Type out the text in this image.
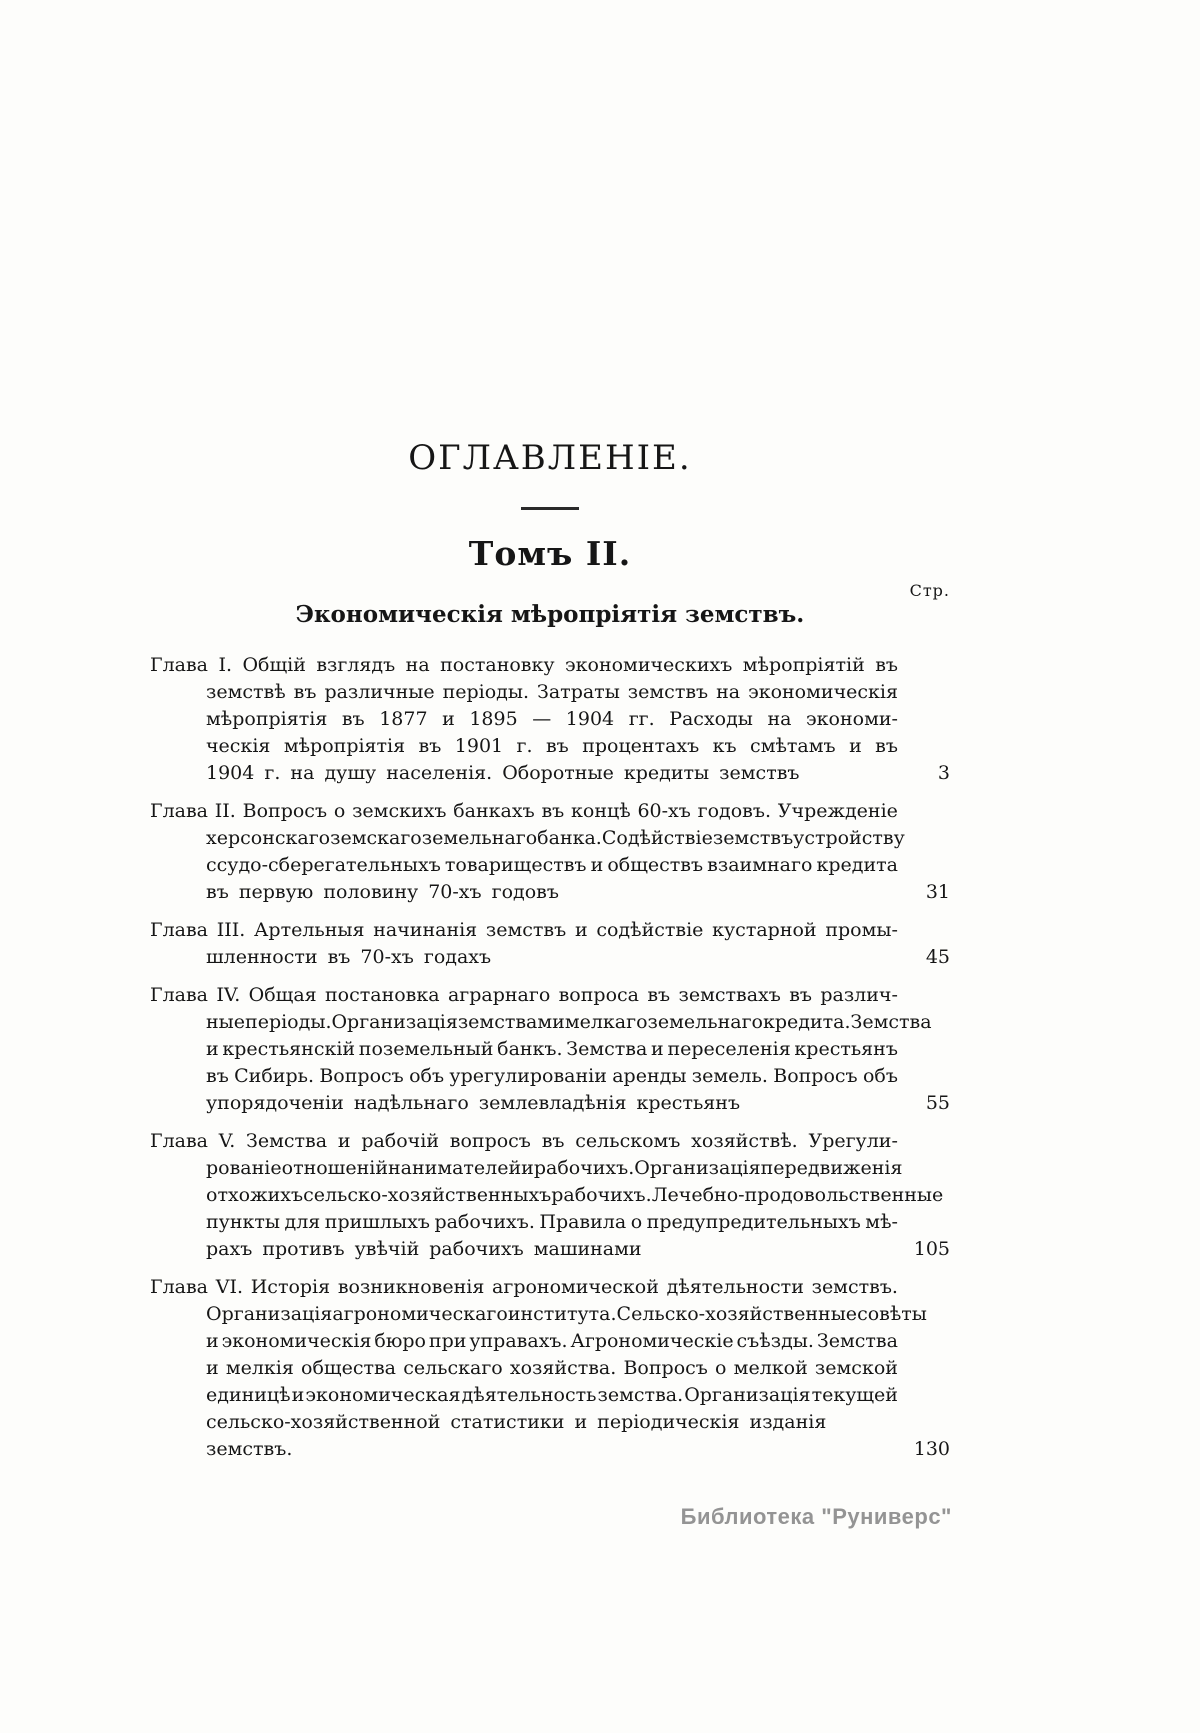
ОГЛАВЛЕНІЕ.
Томъ II.
Стр.
Экономическія мѣропріятія земствъ.
Глава I. Общій взглядъ на постановку экономическихъ мѣропріятій въ
земствѣ въ различные періоды. Затраты земствъ на экономическія
мѣропріятія въ 1877 и 1895 — 1904 гг. Расходы на экономи-
ческія мѣропріятія въ 1901 г. въ процентахъ къ смѣтамъ и въ
1904 г. на душу населенія. Оборотные кредиты земствъ	3
Глава II. Вопросъ о земскихъ банкахъ въ концѣ 60-хъ годовъ. Учрежденіе
херсонскаго земскаго земельнаго банка. Содѣйствіе земствъ устройству
ссудо-сберегательныхъ товариществъ и обществъ взаимнаго кредита
въ первую половину 70-хъ годовъ	31
Глава III. Артельныя начинанія земствъ и содѣйствіе кустарной промы-
шленности въ 70-хъ годахъ	45
Глава IV. Общая постановка аграрнаго вопроса въ земствахъ въ различ-
ные періоды. Организація земствами мелкаго земельнаго кредита. Земства
и крестьянскій поземельный банкъ. Земства и переселенія крестьянъ
въ Сибирь. Вопросъ объ урегулированіи аренды земель. Вопросъ объ
упорядоченіи надѣльнаго землевладѣнія крестьянъ	55
Глава V. Земства и рабочій вопросъ въ сельскомъ хозяйствѣ. Урегули-
рованіе отношеній нанимателей и рабочихъ. Организація передвиженія
отхожихъ сельско-хозяйственныхъ рабочихъ. Лечебно-продовольственные
пункты для пришлыхъ рабочихъ. Правила о предупредительныхъ мѣ-
рахъ противъ увѣчій рабочихъ машинами	105
Глава VI. Исторія возникновенія агрономической дѣятельности земствъ.
Организація агрономическаго института. Сельско-хозяйственные совѣты
и экономическія бюро при управахъ. Агрономическіе съѣзды. Земства
и мелкія общества сельскаго хозяйства. Вопросъ о мелкой земской
единицѣ и экономическая дѣятельность земства. Организація текущей
сельско-хозяйственной статистики и періодическія изданія земствъ.	130
Библиотека "Руниверс"
